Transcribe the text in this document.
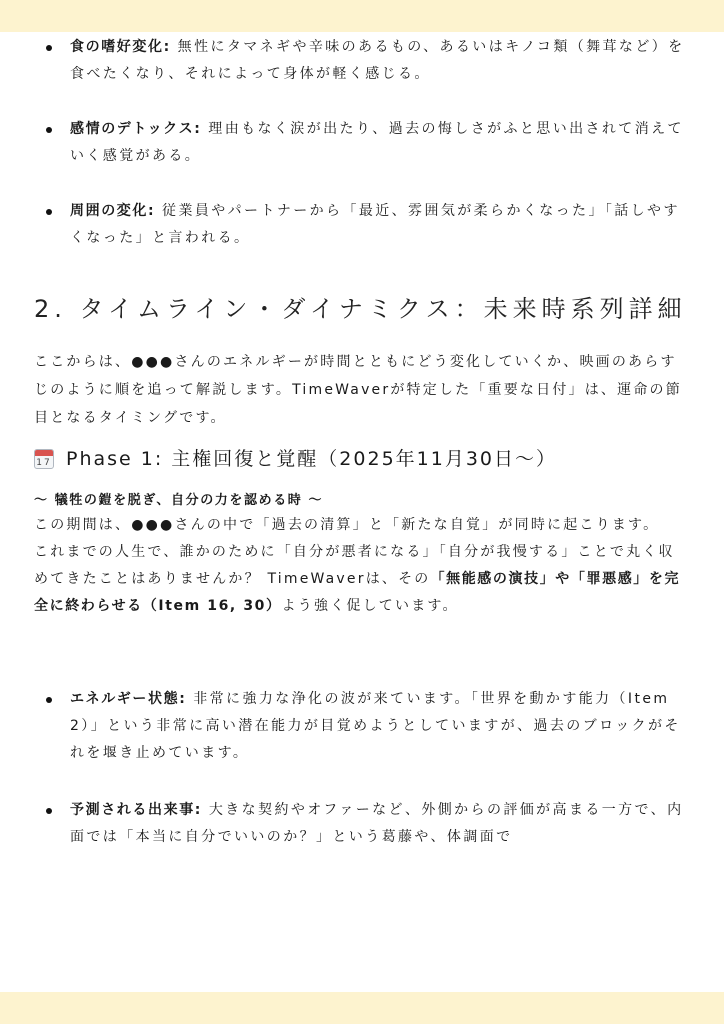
食の嗜好変化: 無性にタマネギや辛味のあるもの、あるいはキノコ類（舞茸など）を食べたくなり、それによって身体が軽く感じる。
感情のデトックス: 理由もなく涙が出たり、過去の悔しさがふと思い出されて消えていく感覚がある。
周囲の変化: 従業員やパートナーから「最近、雰囲気が柔らかくなった」「話しやすくなった」と言われる。
2. タイムライン・ダイナミクス：未来時系列詳細
ここからは、●●●さんのエネルギーが時間とともにどう変化していくか、映画のあらすじのように順を追って解説します。TimeWaverが特定した「重要な日付」は、運命の節目となるタイミングです。
17 Phase 1: 主権回復と覚醒（2025年11月30日〜）
〜 犠牲の鎧を脱ぎ、自分の力を認める時 〜
この期間は、●●●さんの中で「過去の清算」と「新たな自覚」が同時に起こります。
これまでの人生で、誰かのために「自分が悪者になる」「自分が我慢する」ことで丸く収めてきたことはありませんか？ TimeWaverは、その「無能感の演技」や「罪悪感」を完全に終わらせる（Item 16, 30）よう強く促しています。
エネルギー状態: 非常に強力な浄化の波が来ています。「世界を動かす能力（Item 2）」という非常に高い潜在能力が目覚めようとしていますが、過去のブロックがそれを堰き止めています。
予測される出来事: 大きな契約やオファーなど、外側からの評価が高まる一方で、内面では「本当に自分でいいのか？」という葛藤や、体調面で
